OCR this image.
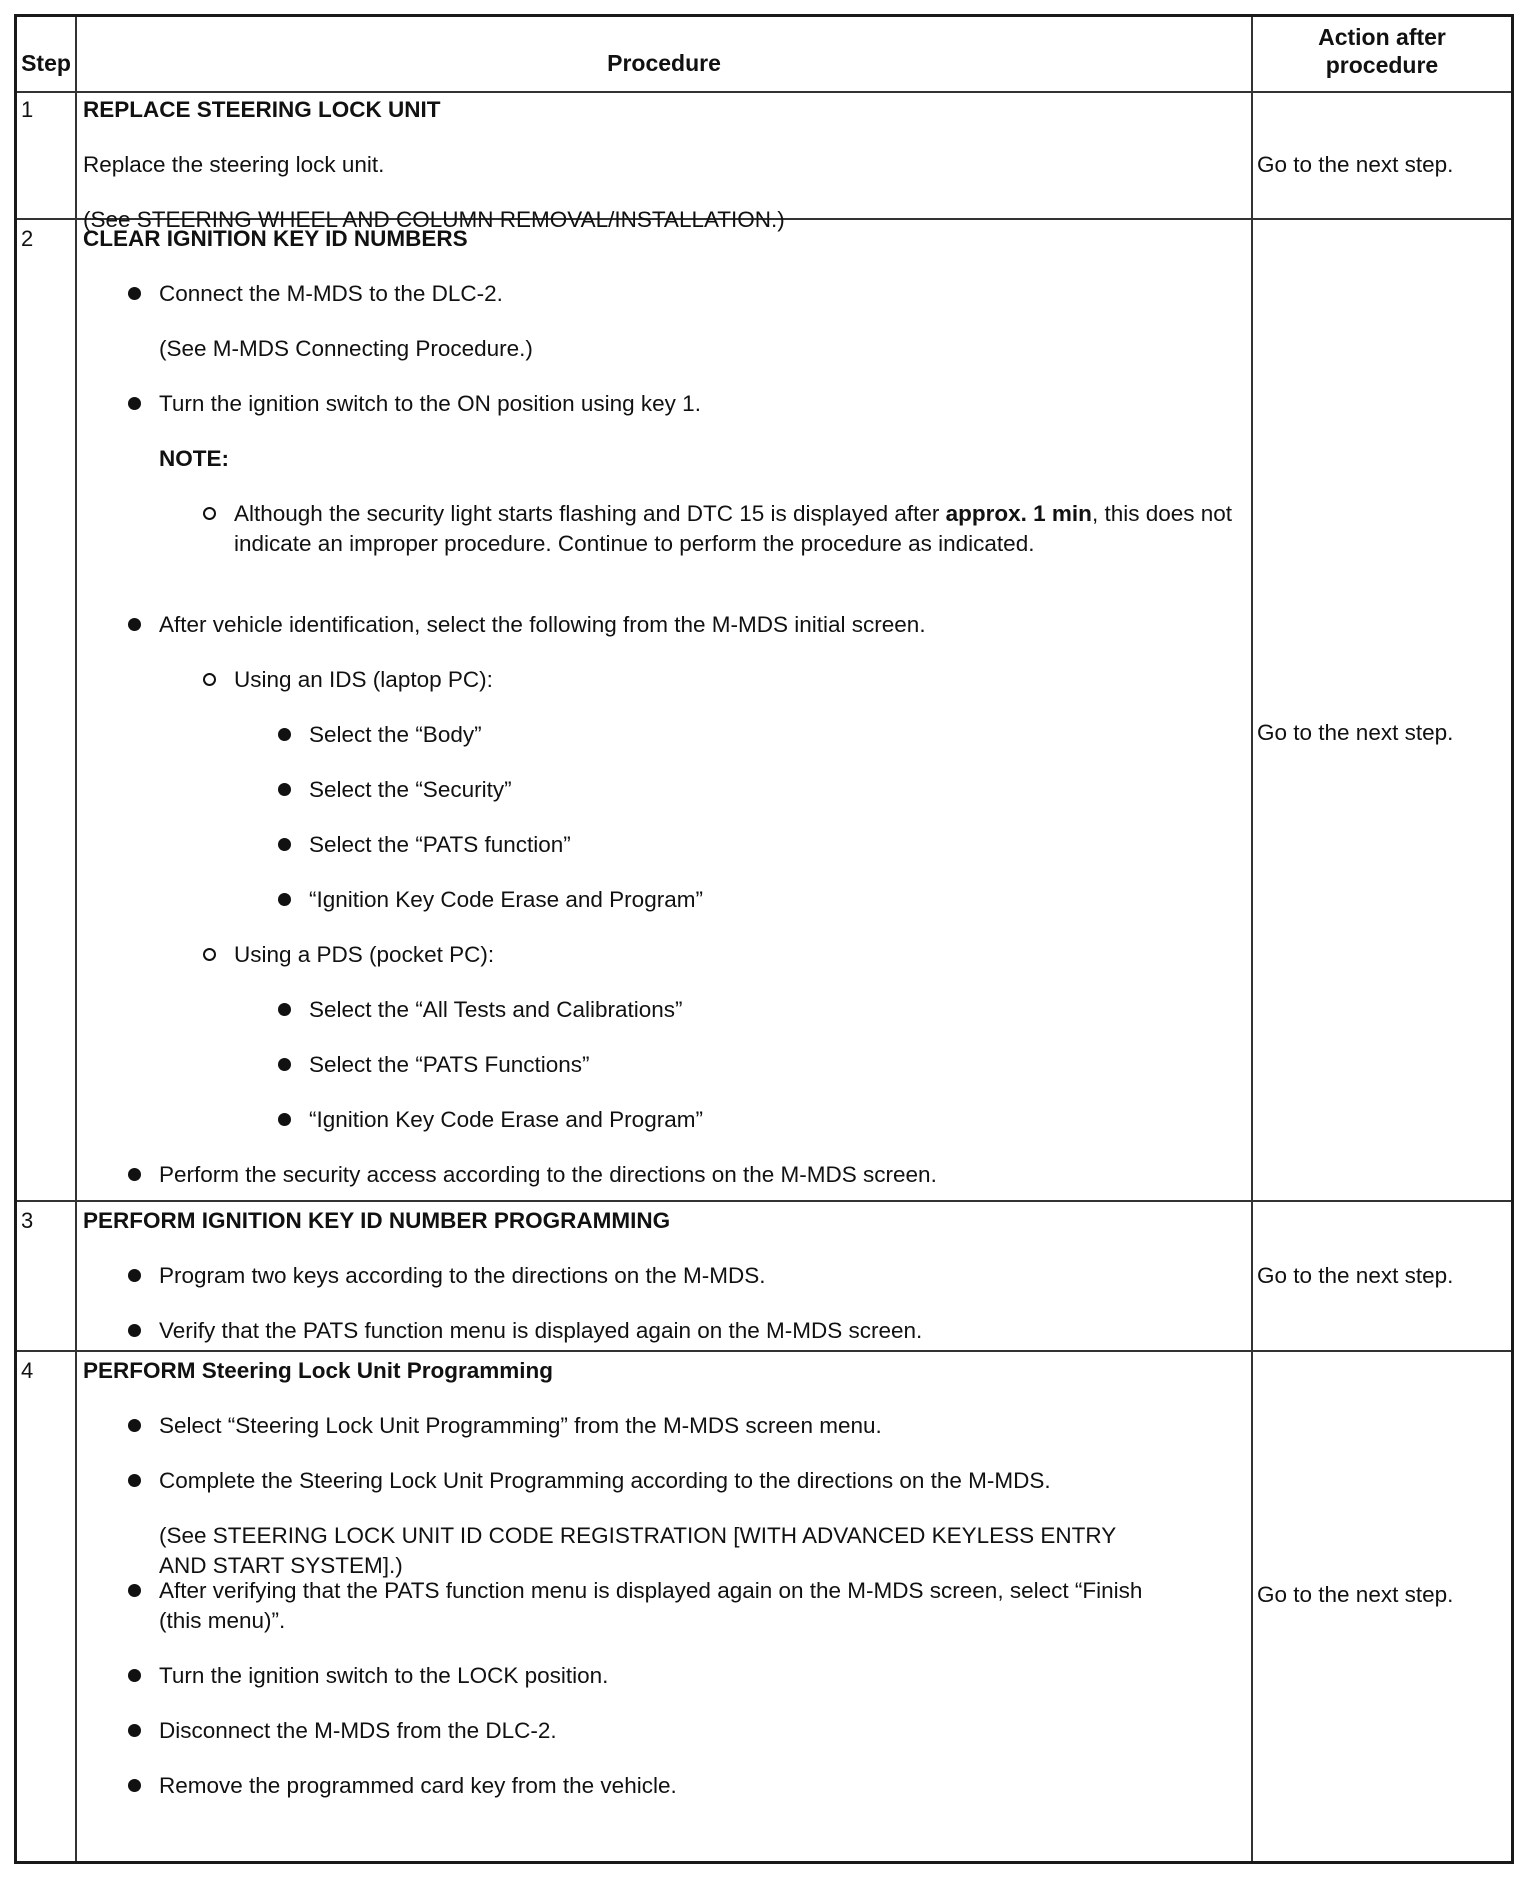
Step	Procedure
Action after procedure
1 REPLACE STEERING LOCK UNIT
Replace the steering lock unit.
(See STEERING WHEEL AND COLUMN REMOVAL/INSTALLATION.)
Go to the next step.
2 CLEAR IGNITION KEY ID NUMBERS
Connect the M-MDS to the DLC-2.
(See M-MDS Connecting Procedure.)
Turn the ignition switch to the ON position using key 1.
NOTE:
Although the security light starts flashing and DTC 15 is displayed after approx. 1 min, this does not indicate an improper procedure. Continue to perform the procedure as indicated.
After vehicle identification, select the following from the M-MDS initial screen.
Using an IDS (laptop PC):
Select the “Body”
Select the “Security”
Select the “PATS function”
“Ignition Key Code Erase and Program”
Using a PDS (pocket PC):
Select the “All Tests and Calibrations”
Select the “PATS Functions”
“Ignition Key Code Erase and Program”
Perform the security access according to the directions on the M-MDS screen.
Go to the next step.
3 PERFORM IGNITION KEY ID NUMBER PROGRAMMING
Program two keys according to the directions on the M-MDS.
Verify that the PATS function menu is displayed again on the M-MDS screen.
Go to the next step.
4 PERFORM Steering Lock Unit Programming
Select “Steering Lock Unit Programming” from the M-MDS screen menu.
Complete the Steering Lock Unit Programming according to the directions on the M-MDS.
(See STEERING LOCK UNIT ID CODE REGISTRATION [WITH ADVANCED KEYLESS ENTRY AND START SYSTEM].)
After verifying that the PATS function menu is displayed again on the M-MDS screen, select “Finish (this menu)”.
Turn the ignition switch to the LOCK position.
Disconnect the M-MDS from the DLC-2.
Remove the programmed card key from the vehicle.
Go to the next step.
